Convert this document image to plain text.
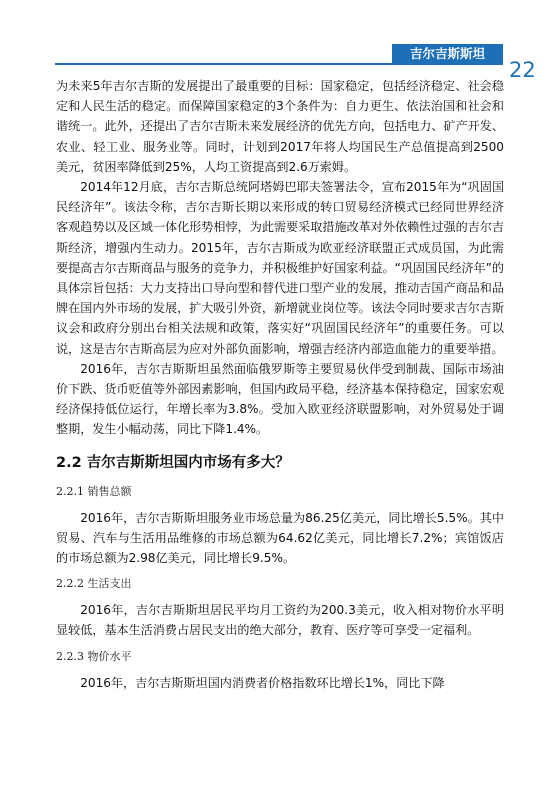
吉尔吉斯斯坦
22

为未来5年吉尔吉斯的发展提出了最重要的目标：国家稳定，包括经济稳定、社会稳定和人民生活的稳定。而保障国家稳定的3个条件为：自力更生、依法治国和社会和谐统一。此外，还提出了吉尔吉斯未来发展经济的优先方向，包括电力、矿产开发、农业、轻工业、服务业等。同时，计划到2017年将人均国民生产总值提高到2500美元，贫困率降低到25%，人均工资提高到2.6万索姆。

2014年12月底，吉尔吉斯总统阿塔姆巴耶夫签署法令，宣布2015年为“巩固国民经济年”。该法令称，吉尔吉斯长期以来形成的转口贸易经济模式已经同世界经济客观趋势以及区域一体化形势相悖，为此需要采取措施改革对外依赖性过强的吉尔吉斯经济，增强内生动力。2015年，吉尔吉斯成为欧亚经济联盟正式成员国，为此需要提高吉尔吉斯商品与服务的竞争力，并积极维护好国家利益。“巩固国民经济年”的具体宗旨包括：大力支持出口导向型和替代进口型产业的发展，推动吉国产商品和品牌在国内外市场的发展，扩大吸引外资，新增就业岗位等。该法令同时要求吉尔吉斯议会和政府分别出台相关法规和政策，落实好“巩固国民经济年”的重要任务。可以说，这是吉尔吉斯高层为应对外部负面影响，增强吉经济内部造血能力的重要举措。

2016年，吉尔吉斯斯坦虽然面临俄罗斯等主要贸易伙伴受到制裁、国际市场油价下跌、货币贬值等外部因素影响，但国内政局平稳，经济基本保持稳定，国家宏观经济保持低位运行，年增长率为3.8%。受加入欧亚经济联盟影响，对外贸易处于调整期，发生小幅动荡，同比下降1.4%。

2.2 吉尔吉斯斯坦国内市场有多大？
2.2.1 销售总额

2016年，吉尔吉斯斯坦服务业市场总量为86.25亿美元，同比增长5.5%。其中贸易、汽车与生活用品维修的市场总额为64.62亿美元，同比增长7.2%；宾馆饭店的市场总额为2.98亿美元，同比增长9.5%。

2.2.2 生活支出

2016年，吉尔吉斯斯坦居民平均月工资约为200.3美元，收入相对物价水平明显较低，基本生活消费占居民支出的绝大部分，教育、医疗等可享受一定福利。

2.2.3 物价水平

2016年，吉尔吉斯斯坦国内消费者价格指数环比增长1%，同比下降
